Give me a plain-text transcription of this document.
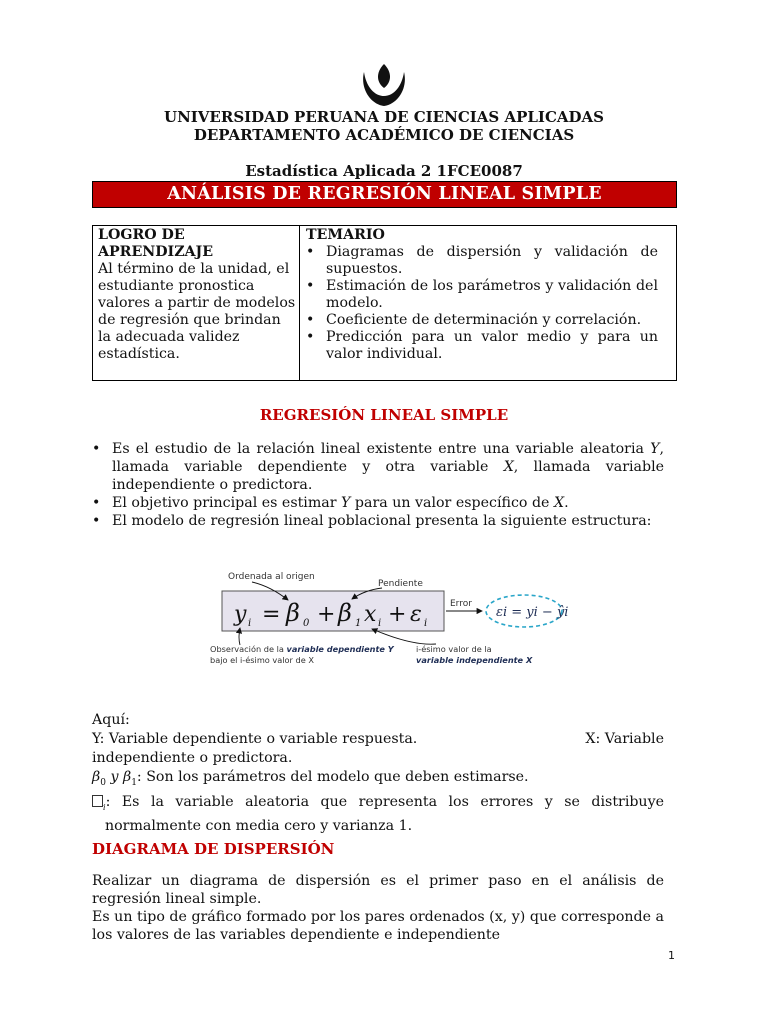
UNIVERSIDAD PERUANA DE CIENCIAS APLICADAS
DEPARTAMENTO ACADÉMICO DE CIENCIAS
Estadística Aplicada 2 1FCE0087
ANÁLISIS DE REGRESIÓN LINEAL SIMPLE
LOGRO DE
APRENDIZAJE
Al término de la unidad, el estudiante pronostica valores a partir de modelos de regresión que brindan la adecuada validez estadística.
TEMARIO
• Diagramas de dispersión y validación de supuestos.
• Estimación de los parámetros y validación del modelo.
• Coeficiente de determinación y correlación.
• Predicción para un valor medio y para un valor individual.
REGRESIÓN LINEAL SIMPLE
• Es el estudio de la relación lineal existente entre una variable aleatoria Y, llamada variable dependiente y otra variable X, llamada variable independiente o predictora.
• El objetivo principal es estimar Y para un valor específico de X.
• El modelo de regresión lineal poblacional presenta la siguiente estructura:
y i = β 0 + β 1 x i + ε i
Ordenada al origen
Pendiente
Error
εi = yi − ŷi
Observación de la variable dependiente Y
bajo el i-ésimo valor de X
i-ésimo valor de la
variable independiente X

Aquí:

Y: Variable dependiente o variable respuesta.	X: Variable

independiente o predictora.

$\beta_0$ y $\beta_1$: Son los parámetros del modelo que deben estimarse.

$_i$: Es la variable aleatoria que representa los errores y se distribuye normalmente con media cero y varianza 1.

DIAGRAMA DE DISPERSIÓN

Realizar un diagrama de dispersión es el primer paso en el análisis de regresión lineal simple.

Es un tipo de gráfico formado por los pares ordenados (x, y) que corresponde a los valores de las variables dependiente e independiente

1
